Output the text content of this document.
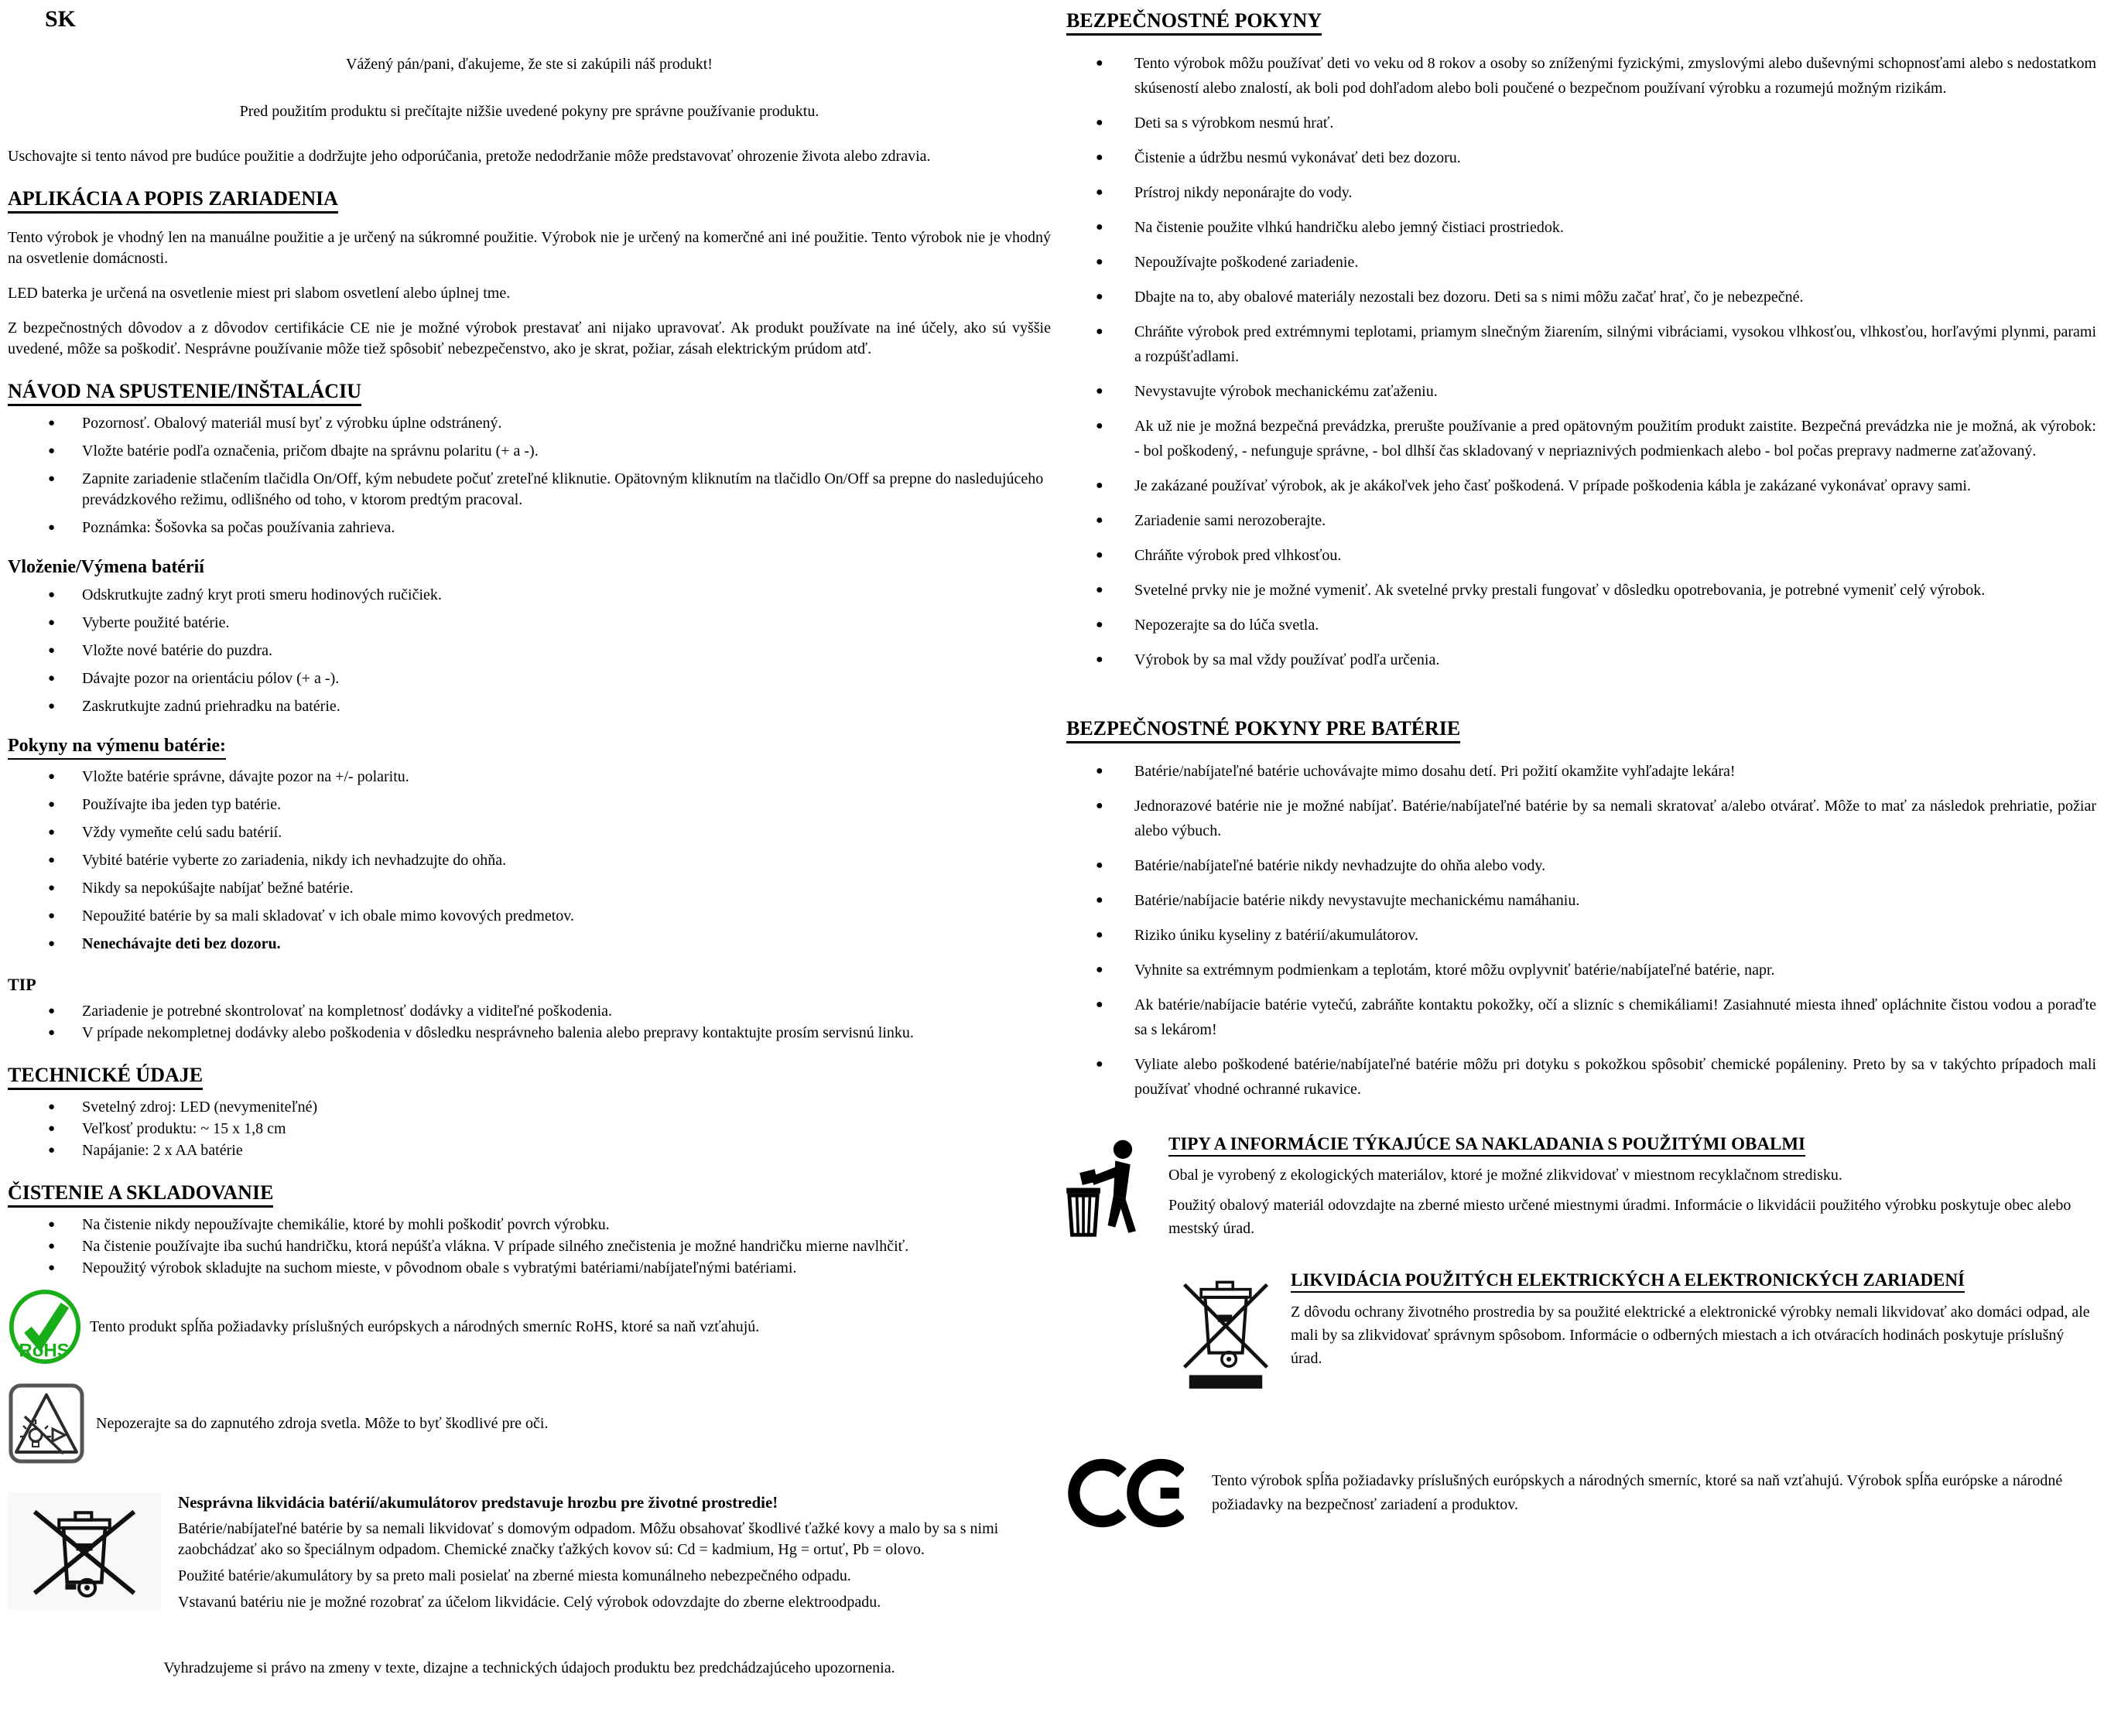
SK

Vážený pán/pani, ďakujeme, že ste si zakúpili náš produkt!

Pred použitím produktu si prečítajte nižšie uvedené pokyny pre správne používanie produktu.

Uschovajte si tento návod pre budúce použitie a dodržujte jeho odporúčania, pretože nedodržanie môže predstavovať ohrozenie života alebo zdravia.

APLIKÁCIA A POPIS ZARIADENIA

Tento výrobok je vhodný len na manuálne použitie a je určený na súkromné použitie. Výrobok nie je určený na komerčné ani iné použitie. Tento výrobok nie je vhodný na osvetlenie domácnosti.

LED baterka je určená na osvetlenie miest pri slabom osvetlení alebo úplnej tme.

Z bezpečnostných dôvodov a z dôvodov certifikácie CE nie je možné výrobok prestavať ani nijako upravovať. Ak produkt používate na iné účely, ako sú vyššie uvedené, môže sa poškodiť. Nesprávne používanie môže tiež spôsobiť nebezpečenstvo, ako je skrat, požiar, zásah elektrickým prúdom atď.

NÁVOD NA SPUSTENIE/INŠTALÁCIU
● Pozornosť. Obalový materiál musí byť z výrobku úplne odstránený.
● Vložte batérie podľa označenia, pričom dbajte na správnu polaritu (+ a -).
● Zapnite zariadenie stlačením tlačidla On/Off, kým nebudete počuť zreteľné kliknutie. Opätovným kliknutím na tlačidlo On/Off sa prepne do nasledujúceho prevádzkového režimu, odlišného od toho, v ktorom predtým pracoval.
● Poznámka: Šošovka sa počas používania zahrieva.
Vloženie/Výmena batérií
● Odskrutkujte zadný kryt proti smeru hodinových ručičiek.
● Vyberte použité batérie.
● Vložte nové batérie do puzdra.
● Dávajte pozor na orientáciu pólov (+ a -).
● Zaskrutkujte zadnú priehradku na batérie.
Pokyny na výmenu batérie:
● Vložte batérie správne, dávajte pozor na +/- polaritu.
● Používajte iba jeden typ batérie.
● Vždy vymeňte celú sadu batérií.
● Vybité batérie vyberte zo zariadenia, nikdy ich nevhadzujte do ohňa.
● Nikdy sa nepokúšajte nabíjať bežné batérie.
● Nepoužité batérie by sa mali skladovať v ich obale mimo kovových predmetov.
● Nenechávajte deti bez dozoru.
TIP
● Zariadenie je potrebné skontrolovať na kompletnosť dodávky a viditeľné poškodenia.
● V prípade nekompletnej dodávky alebo poškodenia v dôsledku nesprávneho balenia alebo prepravy kontaktujte prosím servisnú linku.
TECHNICKÉ ÚDAJE
● Svetelný zdroj: LED (nevymeniteľné)
● Veľkosť produktu: ~ 15 x 1,8 cm
● Napájanie: 2 x AA batérie
ČISTENIE A SKLADOVANIE
● Na čistenie nikdy nepoužívajte chemikálie, ktoré by mohli poškodiť povrch výrobku.
● Na čistenie používajte iba suchú handričku, ktorá nepúšťa vlákna. V prípade silného znečistenia je možné handričku mierne navlhčiť.
● Nepoužitý výrobok skladujte na suchom mieste, v pôvodnom obale s vybratými batériami/nabíjateľnými batériami.
RoHS

Tento produkt spĺňa požiadavky príslušných európskych a národných smerníc RoHS, ktoré sa naň vzťahujú.

Nepozerajte sa do zapnutého zdroja svetla. Môže to byť škodlivé pre oči.

Nesprávna likvidácia batérií/akumulátorov predstavuje hrozbu pre životné prostredie!

Batérie/nabíjateľné batérie by sa nemali likvidovať s domovým odpadom. Môžu obsahovať škodlivé ťažké kovy a malo by sa s nimi zaobchádzať ako so špeciálnym odpadom. Chemické značky ťažkých kovov sú: Cd = kadmium, Hg = ortuť, Pb = olovo.

Použité batérie/akumulátory by sa preto mali posielať na zberné miesta komunálneho nebezpečného odpadu.

Vstavanú batériu nie je možné rozobrať za účelom likvidácie. Celý výrobok odovzdajte do zberne elektroodpadu.

Vyhradzujeme si právo na zmeny v texte, dizajne a technických údajoch produktu bez predchádzajúceho upozornenia.

BEZPEČNOSTNÉ POKYNY
● Tento výrobok môžu používať deti vo veku od 8 rokov a osoby so zníženými fyzickými, zmyslovými alebo duševnými schopnosťami alebo s nedostatkom skúseností alebo znalostí, ak boli pod dohľadom alebo boli poučené o bezpečnom používaní výrobku a rozumejú možným rizikám.
● Deti sa s výrobkom nesmú hrať.
● Čistenie a údržbu nesmú vykonávať deti bez dozoru.
● Prístroj nikdy neponárajte do vody.
● Na čistenie použite vlhkú handričku alebo jemný čistiaci prostriedok.
● Nepoužívajte poškodené zariadenie.
● Dbajte na to, aby obalové materiály nezostali bez dozoru. Deti sa s nimi môžu začať hrať, čo je nebezpečné.
● Chráňte výrobok pred extrémnymi teplotami, priamym slnečným žiarením, silnými vibráciami, vysokou vlhkosťou, vlhkosťou, horľavými plynmi, parami a rozpúšťadlami.
● Nevystavujte výrobok mechanickému zaťaženiu.
● Ak už nie je možná bezpečná prevádzka, prerušte používanie a pred opätovným použitím produkt zaistite. Bezpečná prevádzka nie je možná, ak výrobok: - bol poškodený, - nefunguje správne, - bol dlhší čas skladovaný v nepriaznivých podmienkach alebo - bol počas prepravy nadmerne zaťažovaný.
● Je zakázané používať výrobok, ak je akákoľvek jeho časť poškodená. V prípade poškodenia kábla je zakázané vykonávať opravy sami.
● Zariadenie sami nerozoberajte.
● Chráňte výrobok pred vlhkosťou.
● Svetelné prvky nie je možné vymeniť. Ak svetelné prvky prestali fungovať v dôsledku opotrebovania, je potrebné vymeniť celý výrobok.
● Nepozerajte sa do lúča svetla.
● Výrobok by sa mal vždy používať podľa určenia.
BEZPEČNOSTNÉ POKYNY PRE BATÉRIE
● Batérie/nabíjateľné batérie uchovávajte mimo dosahu detí. Pri požití okamžite vyhľadajte lekára!
● Jednorazové batérie nie je možné nabíjať. Batérie/nabíjateľné batérie by sa nemali skratovať a/alebo otvárať. Môže to mať za následok prehriatie, požiar alebo výbuch.
● Batérie/nabíjateľné batérie nikdy nevhadzujte do ohňa alebo vody.
● Batérie/nabíjacie batérie nikdy nevystavujte mechanickému namáhaniu.
● Riziko úniku kyseliny z batérií/akumulátorov.
● Vyhnite sa extrémnym podmienkam a teplotám, ktoré môžu ovplyvniť batérie/nabíjateľné batérie, napr.
● Ak batérie/nabíjacie batérie vytečú, zabráňte kontaktu pokožky, očí a slizníc s chemikáliami! Zasiahnuté miesta ihneď opláchnite čistou vodou a poraďte sa s lekárom!
● Vyliate alebo poškodené batérie/nabíjateľné batérie môžu pri dotyku s pokožkou spôsobiť chemické popáleniny. Preto by sa v takýchto prípadoch mali používať vhodné ochranné rukavice.
TIPY A INFORMÁCIE TÝKAJÚCE SA NAKLADANIA S POUŽITÝMI OBALMI

Obal je vyrobený z ekologických materiálov, ktoré je možné zlikvidovať v miestnom recyklačnom stredisku.

Použitý obalový materiál odovzdajte na zberné miesto určené miestnymi úradmi. Informácie o likvidácii použitého výrobku poskytuje obec alebo mestský úrad.

LIKVIDÁCIA POUŽITÝCH ELEKTRICKÝCH A ELEKTRONICKÝCH ZARIADENÍ

Z dôvodu ochrany životného prostredia by sa použité elektrické a elektronické výrobky nemali likvidovať ako domáci odpad, ale mali by sa zlikvidovať správnym spôsobom. Informácie o odberných miestach a ich otváracích hodinách poskytuje príslušný úrad.

Tento výrobok spĺňa požiadavky príslušných európskych a národných smerníc, ktoré sa naň vzťahujú. Výrobok spĺňa európske a národné požiadavky na bezpečnosť zariadení a produktov.
